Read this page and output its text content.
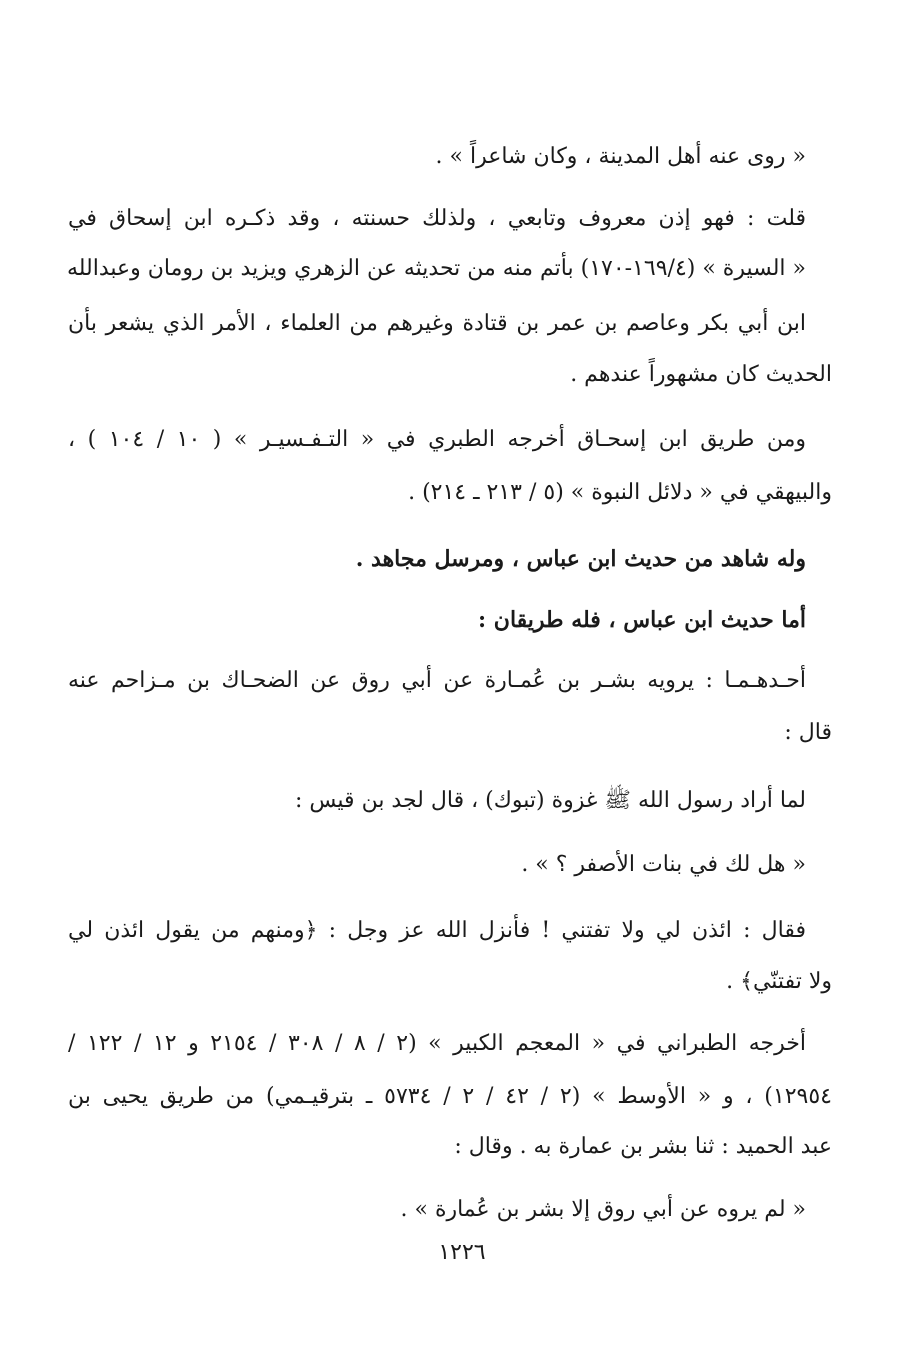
« روى عنه أهل المدينة ، وكان شاعراً » .
قلت : فهو إذن معروف وتابعي ، ولذلك حسنته ، وقد ذكـره ابن إسحاق في
« السيرة » (١٦٩/٤-١٧٠) بأتم منه من تحديثه عن الزهري ويزيد بن رومان وعبدالله
ابن أبي بكر وعاصم بن عمر بن قتادة وغيرهم من العلماء ، الأمر الذي يشعر بأن
الحديث كان مشهوراً عندهم .
ومن طريق ابن إسحـاق أخرجه الطبري في « التـفـسيـر » ( ١٠ / ١٠٤ ) ،
والبيهقي في « دلائل النبوة » (٥ / ٢١٣ ـ ٢١٤) .
وله شاهد من حديث ابن عباس ، ومرسل مجاهد .
أما حديث ابن عباس ، فله طريقان :
أحـدهـمـا : يرويه بشـر بن عُمـارة عن أبي روق عن الضحـاك بن مـزاحم عنه
قال :
لما أراد رسول الله ﷺ غزوة (تبوك) ، قال لجد بن قيس :
« هل لك في بنات الأصفر ؟ » .
فقال : ائذن لي ولا تفتني ! فأنزل الله عز وجل : ﴿ومنهم من يقول ائذن لي
ولا تفتنّي﴾ .
أخرجه الطبراني في « المعجم الكبير » (٢ / ٨ / ٣٠٨ / ٢١٥٤ و ١٢ / ١٢٢ /
١٢٩٥٤) ، و « الأوسط » (٢ / ٤٢ / ٢ / ٥٧٣٤ ـ بترقيـمي) من طريق يحيى بن
عبد الحميد : ثنا بشر بن عمارة به . وقال :
« لم يروه عن أبي روق إلا بشر بن عُمارة » .
١٢٢٦
